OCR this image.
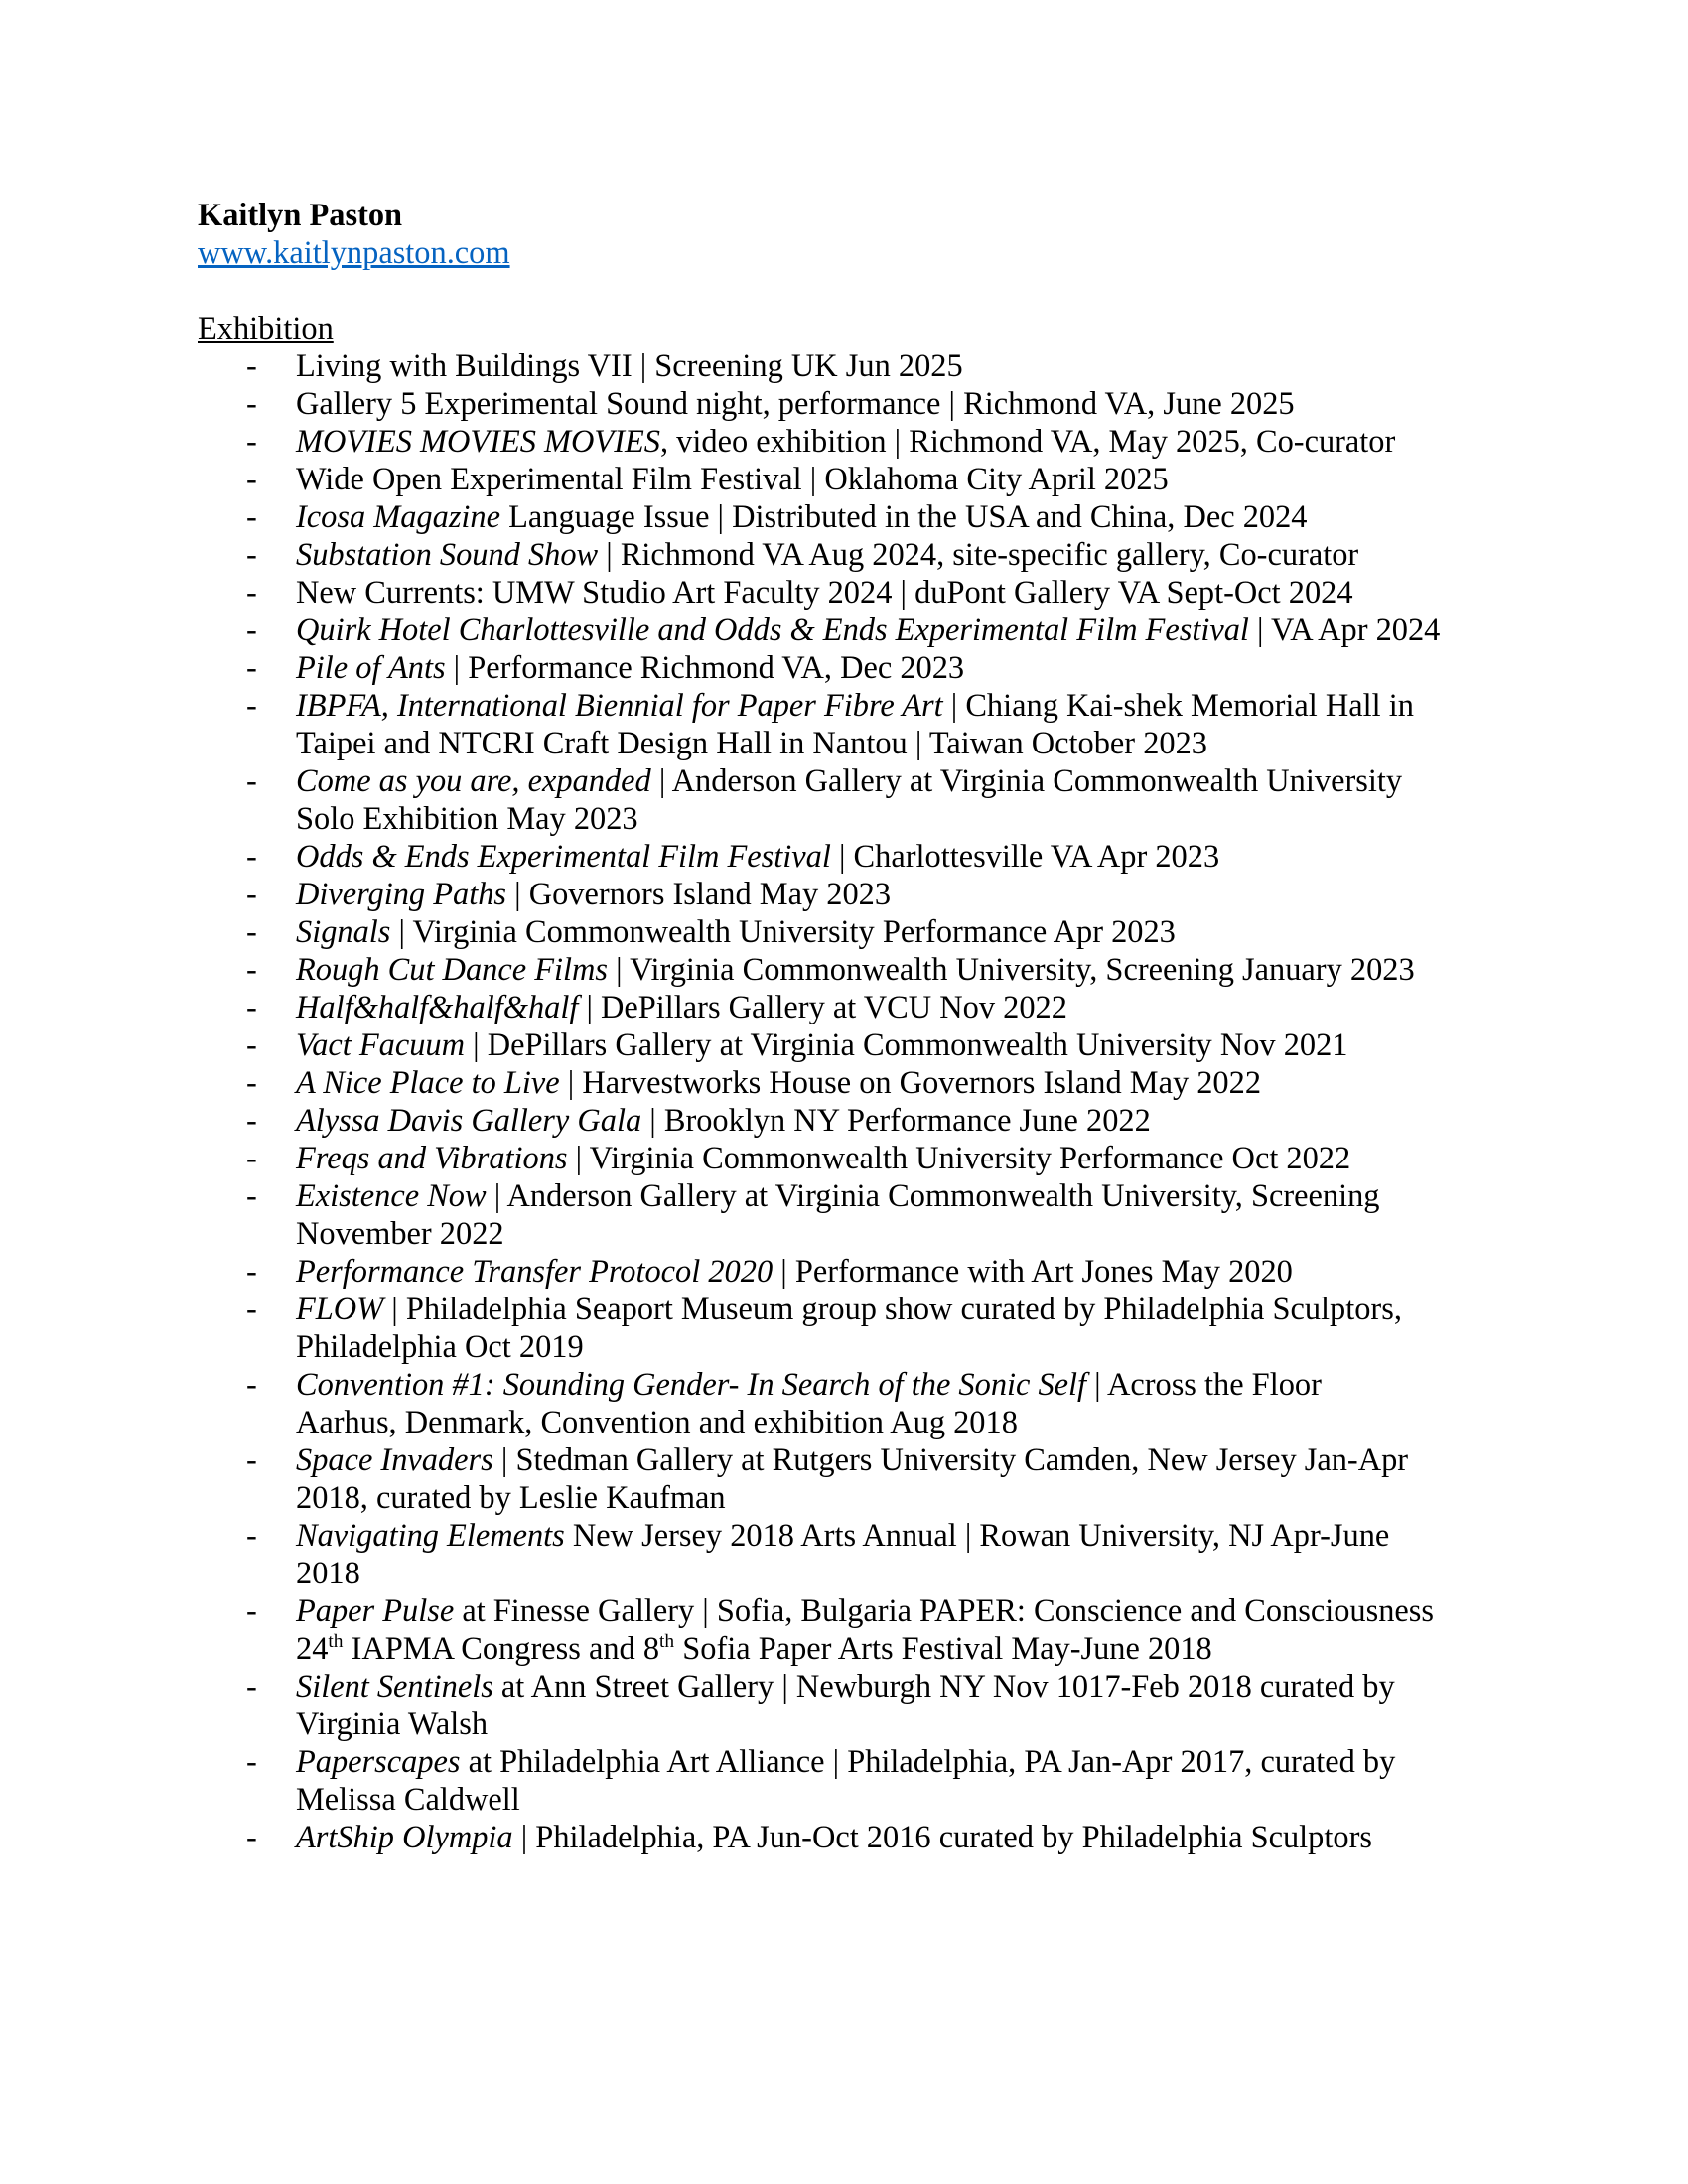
Kaitlyn Paston
www.kaitlynpaston.com
Exhibition
- Living with Buildings VII | Screening UK Jun 2025
- Gallery 5 Experimental Sound night, performance | Richmond VA, June 2025
- MOVIES MOVIES MOVIES, video exhibition | Richmond VA, May 2025, Co-curator
- Wide Open Experimental Film Festival | Oklahoma City April 2025
- Icosa Magazine Language Issue | Distributed in the USA and China, Dec 2024
- Substation Sound Show | Richmond VA Aug 2024, site-specific gallery, Co-curator
- New Currents: UMW Studio Art Faculty 2024 | duPont Gallery VA Sept-Oct 2024
- Quirk Hotel Charlottesville and Odds & Ends Experimental Film Festival | VA Apr 2024
- Pile of Ants | Performance Richmond VA, Dec 2023
- IBPFA, International Biennial for Paper Fibre Art | Chiang Kai-shek Memorial Hall in
Taipei and NTCRI Craft Design Hall in Nantou | Taiwan October 2023
- Come as you are, expanded | Anderson Gallery at Virginia Commonwealth University
Solo Exhibition May 2023
- Odds & Ends Experimental Film Festival | Charlottesville VA Apr 2023
- Diverging Paths | Governors Island May 2023
- Signals | Virginia Commonwealth University Performance Apr 2023
- Rough Cut Dance Films | Virginia Commonwealth University, Screening January 2023
- Half&half&half&half | DePillars Gallery at VCU Nov 2022
- Vact Facuum | DePillars Gallery at Virginia Commonwealth University Nov 2021
- A Nice Place to Live | Harvestworks House on Governors Island May 2022
- Alyssa Davis Gallery Gala | Brooklyn NY Performance June 2022
- Freqs and Vibrations | Virginia Commonwealth University Performance Oct 2022
- Existence Now | Anderson Gallery at Virginia Commonwealth University, Screening
November 2022
- Performance Transfer Protocol 2020 | Performance with Art Jones May 2020
- FLOW | Philadelphia Seaport Museum group show curated by Philadelphia Sculptors,
Philadelphia Oct 2019
- Convention #1: Sounding Gender- In Search of the Sonic Self | Across the Floor
Aarhus, Denmark, Convention and exhibition Aug 2018
- Space Invaders | Stedman Gallery at Rutgers University Camden, New Jersey Jan-Apr
2018, curated by Leslie Kaufman
- Navigating Elements New Jersey 2018 Arts Annual | Rowan University, NJ Apr-June
2018
- Paper Pulse at Finesse Gallery | Sofia, Bulgaria PAPER: Conscience and Consciousness
24th IAPMA Congress and 8th Sofia Paper Arts Festival May-June 2018
- Silent Sentinels at Ann Street Gallery | Newburgh NY Nov 1017-Feb 2018 curated by
Virginia Walsh
- Paperscapes at Philadelphia Art Alliance | Philadelphia, PA Jan-Apr 2017, curated by
Melissa Caldwell
- ArtShip Olympia | Philadelphia, PA Jun-Oct 2016 curated by Philadelphia Sculptors
